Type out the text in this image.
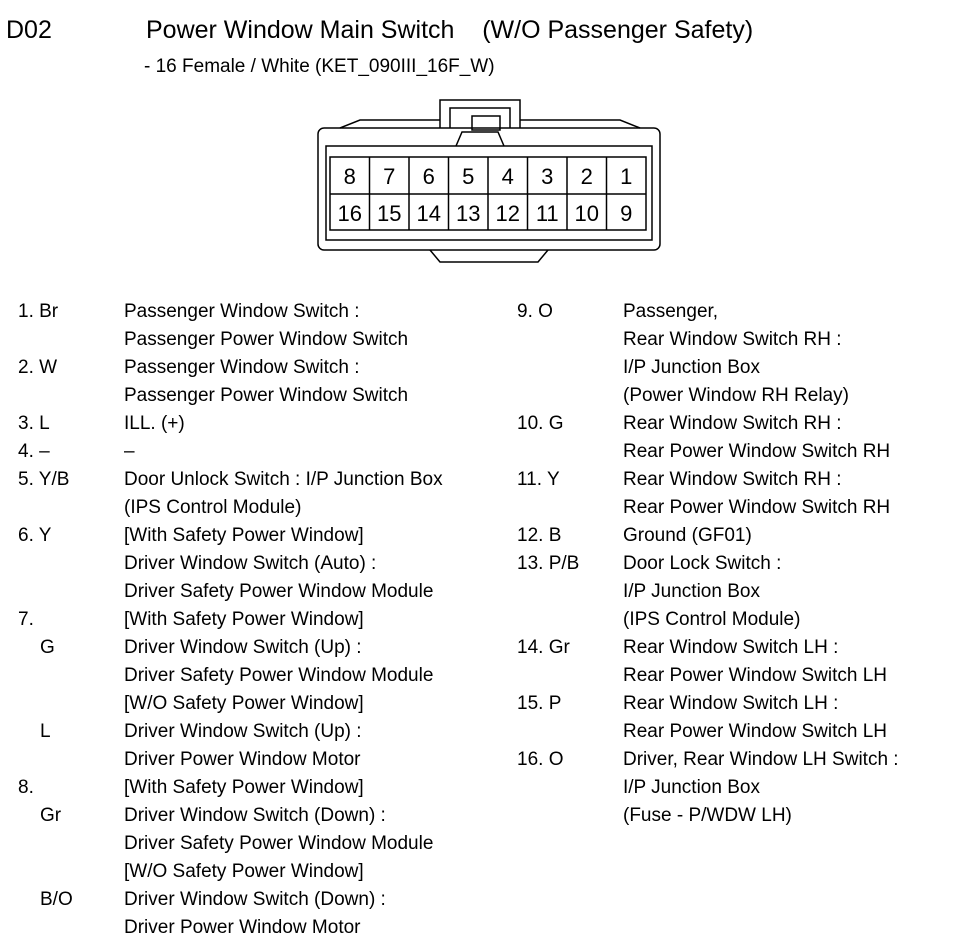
D02	Power Window Main Switch    (W/O Passenger Safety)
- 16 Female / White (KET_090III_16F_W)
8 7 6 5 4 3 2 1
16 15 14 13 12 11 10 9
1. Br	Passenger Window Switch :
Passenger Power Window Switch
2. W	Passenger Window Switch :
Passenger Power Window Switch
3. L	ILL. (+)
4. –	–
5. Y/B	Door Unlock Switch : I/P Junction Box
(IPS Control Module)
6. Y	[With Safety Power Window]
Driver Window Switch (Auto) :
Driver Safety Power Window Module
7.	[With Safety Power Window]
G	Driver Window Switch (Up) :
Driver Safety Power Window Module
[W/O Safety Power Window]
L	Driver Window Switch (Up) :
Driver Power Window Motor
8.	[With Safety Power Window]
Gr	Driver Window Switch (Down) :
Driver Safety Power Window Module
[W/O Safety Power Window]
B/O	Driver Window Switch (Down) :
Driver Power Window Motor
9. O	Passenger,
Rear Window Switch RH :
I/P Junction Box
(Power Window RH Relay)
10. G	Rear Window Switch RH :
Rear Power Window Switch RH
11. Y	Rear Window Switch RH :
Rear Power Window Switch RH
12. B	Ground (GF01)
13. P/B Door Lock Switch :
I/P Junction Box
(IPS Control Module)
14. Gr	Rear Window Switch LH :
Rear Power Window Switch LH
15. P	Rear Window Switch LH :
Rear Power Window Switch LH
16. O	Driver, Rear Window LH Switch :
I/P Junction Box
(Fuse - P/WDW LH)
